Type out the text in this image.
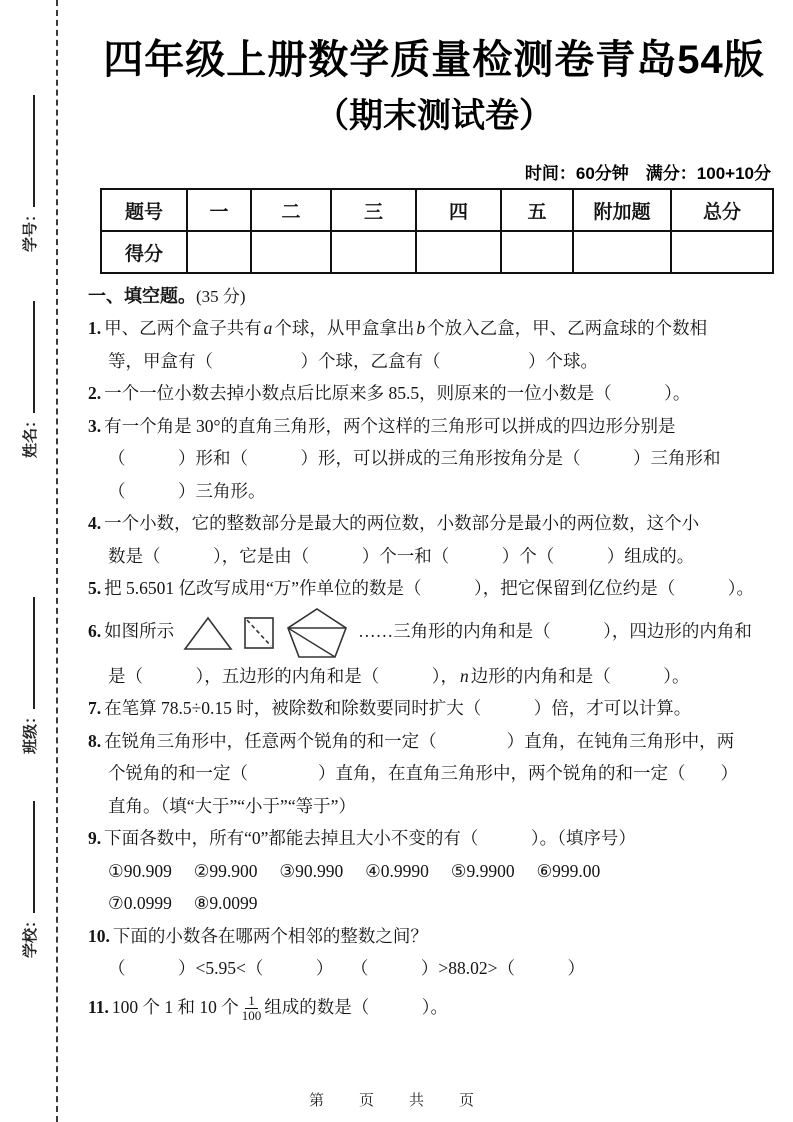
学号：
姓名：
班级：
学校：
四年级上册数学质量检测卷青岛54版
（期末测试卷）
时间：60分钟　满分：100+10分
题号	一	二	三	四	五	附加题	总分
得分							
一、填空题。(35 分)
1. 甲、乙两个盒子共有 a 个球，从甲盒拿出 b 个放入乙盒，甲、乙两盒球的个数相
等，甲盒有（　　　　　）个球，乙盒有（　　　　　）个球。
2. 一个一位小数去掉小数点后比原来多 85.5，则原来的一位小数是（　　　）。
3. 有一个角是 30°的直角三角形，两个这样的三角形可以拼成的四边形分别是
（　　　）形和（　　　）形，可以拼成的三角形按角分是（　　　）三角形和
（　　　）三角形。
4. 一个小数，它的整数部分是最大的两位数，小数部分是最小的两位数，这个小
数是（　　　），它是由（　　　）个一和（　　　）个（　　　）组成的。
5. 把 5.6501 亿改写成用“万”作单位的数是（　　　），把它保留到亿位约是（　　　）。
6. 如图所示	……三角形的内角和是（　　　），四边形的内角和
是（　　　），五边形的内角和是（　　　）， n 边形的内角和是（　　　）。
7. 在笔算 78.5÷0.15 时，被除数和除数要同时扩大（　　　）倍，才可以计算。
8. 在锐角三角形中，任意两个锐角的和一定（　　　　）直角，在钝角三角形中，两
个锐角的和一定（　　　　）直角，在直角三角形中，两个锐角的和一定（　　）
直角。（填“大于”“小于”“等于”）
9. 下面各数中，所有“0”都能去掉且大小不变的有（　　　）。（填序号）
①90.909　 ②99.900　 ③90.990　 ④0.9990　 ⑤9.9900　 ⑥999.00
⑦0.0999　 ⑧9.0099
10. 下面的小数各在哪两个相邻的整数之间？
（　　　）<5.95<（　　　）　　（　　　）>88.02>（　　　）
11. 100 个 1 和 10 个 $\frac{1}{100}$ 组成的数是（　　　）。
第　页　共　页
